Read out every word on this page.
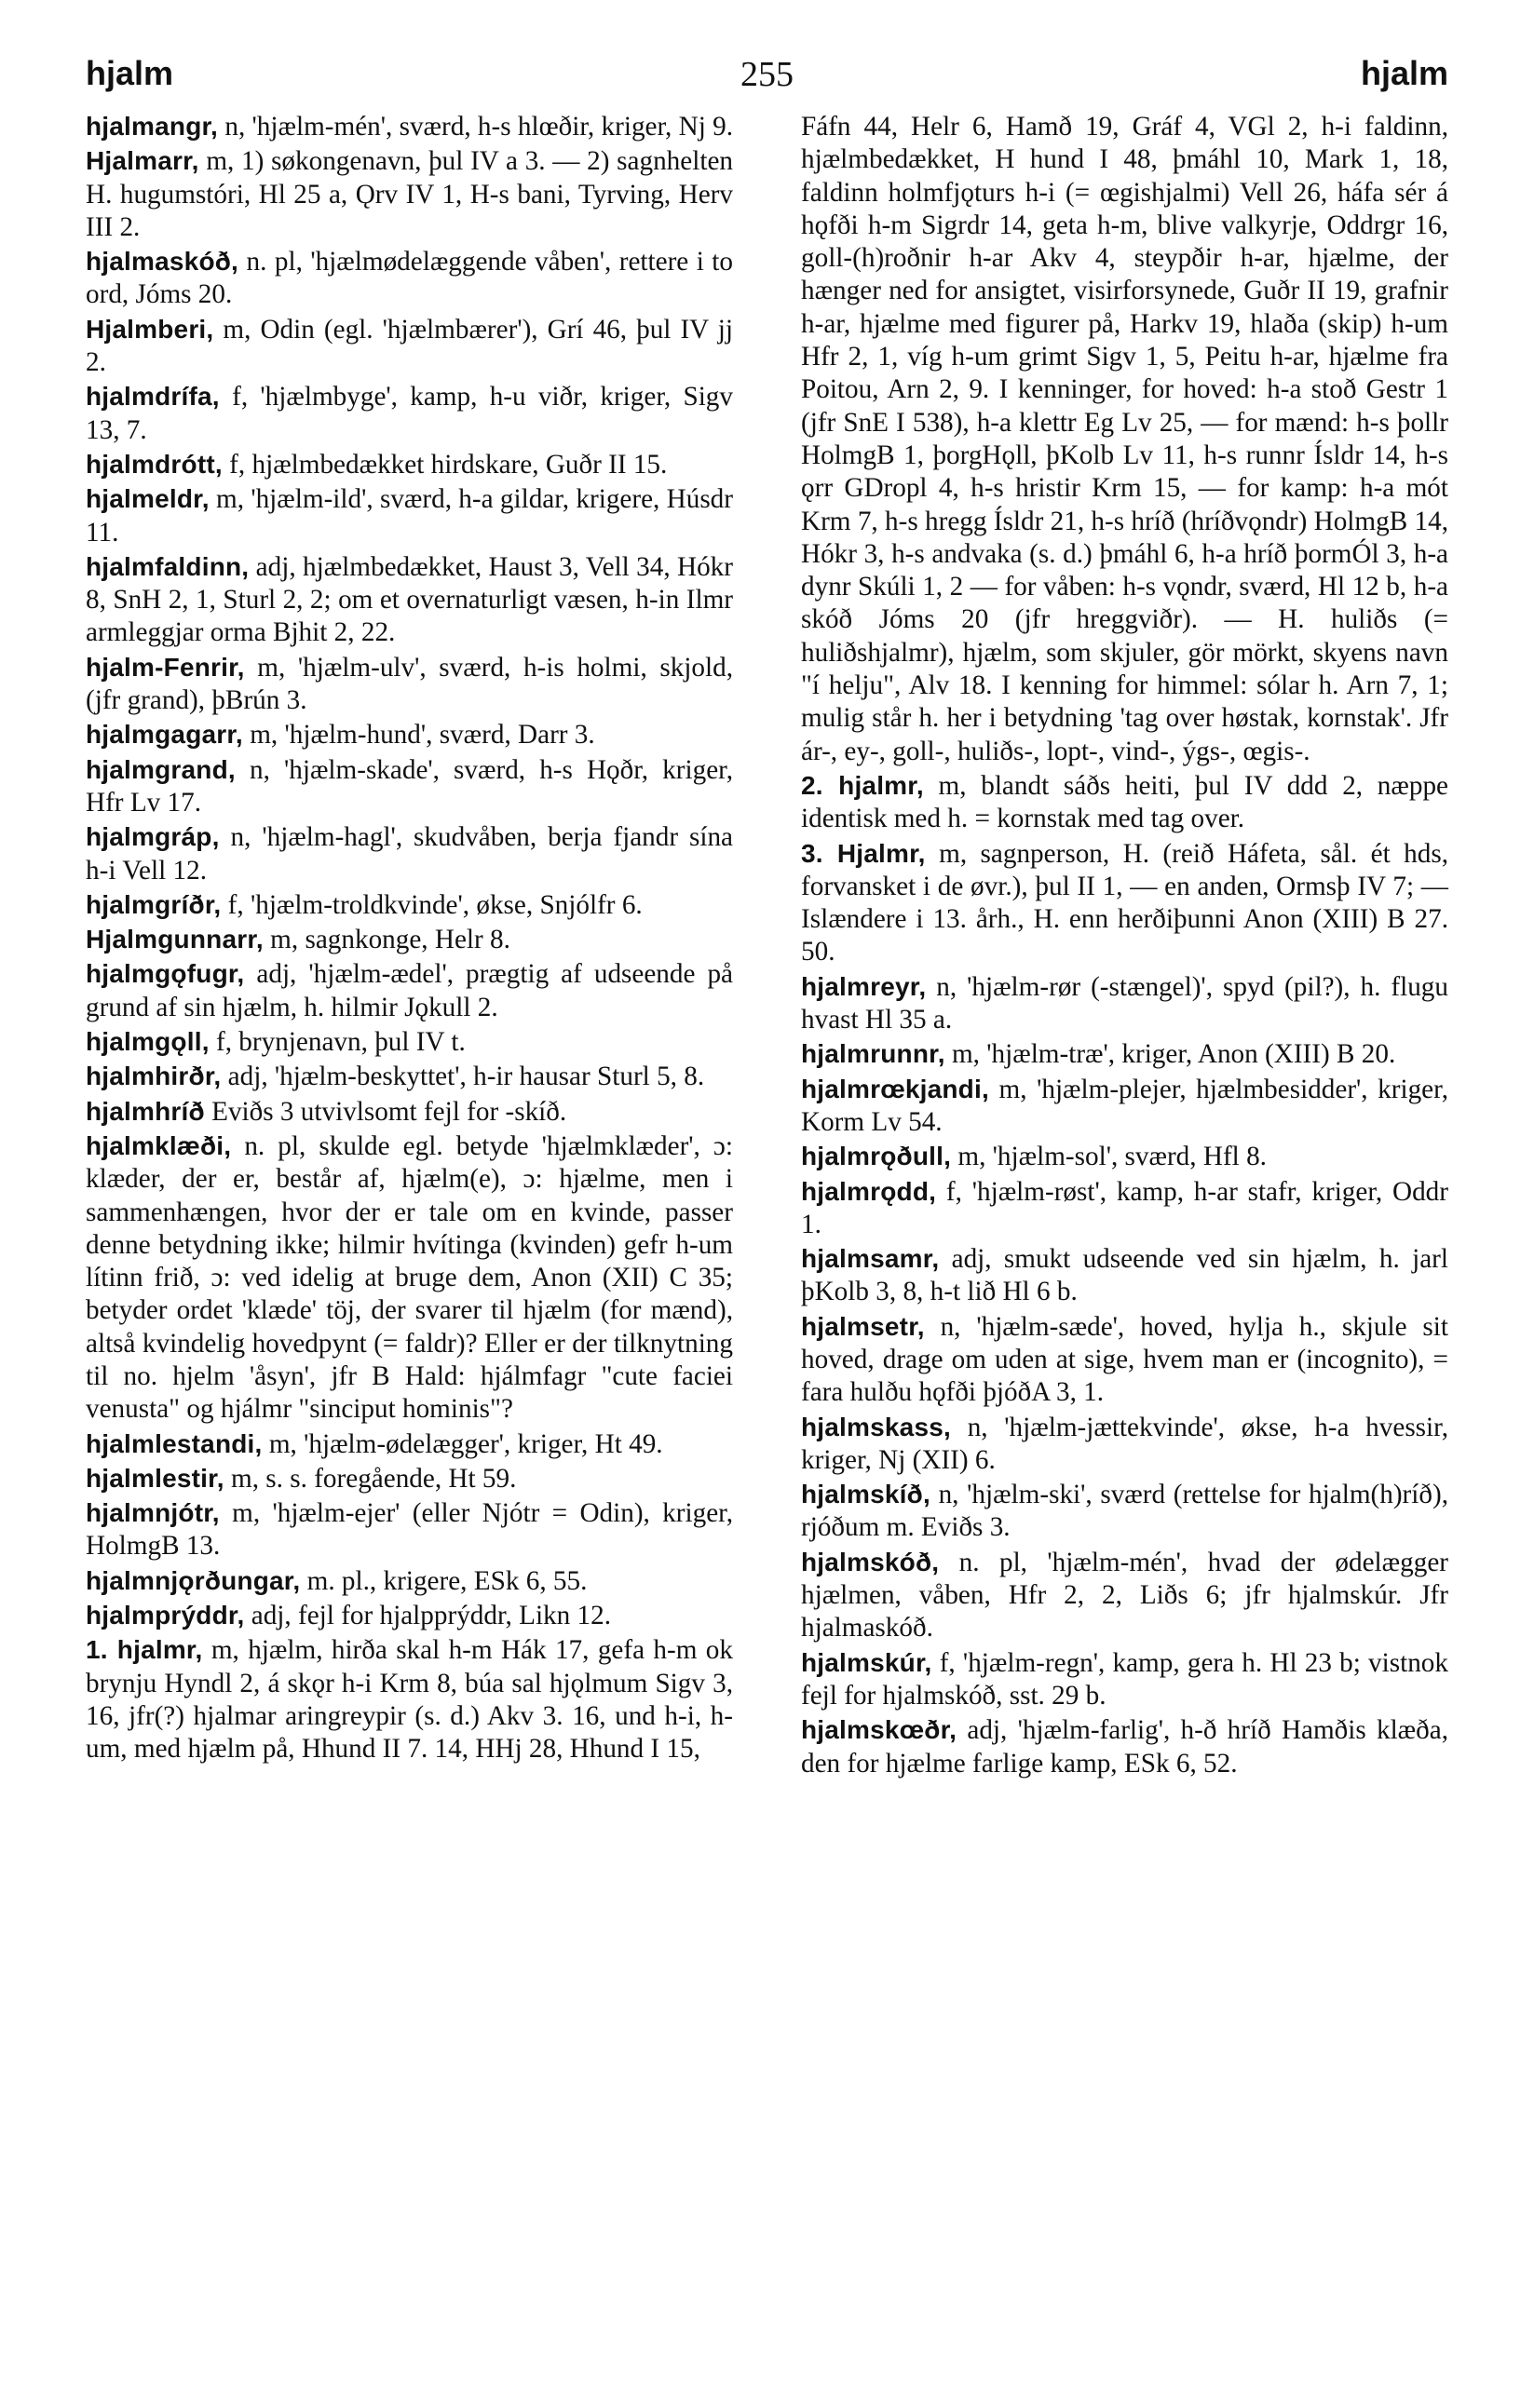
hjalm	255	hjalm
hjalmangr, n, 'hjælm-mén', sværd, h-s hlœðir, kriger, Nj 9.
Hjalmarr, m, 1) søkongenavn, þul IV a 3. — 2) sagnhelten H. hugumstóri, Hl 25 a, Ǫrv IV 1, H-s bani, Tyrving, Herv III 2.
hjalmaskóð, n. pl, 'hjælmødelæggende våben', rettere i to ord, Jóms 20.
Hjalmberi, m, Odin (egl. 'hjælmbærer'), Grí 46, þul IV jj 2.
hjalmdrífa, f, 'hjælmbyge', kamp, h-u viðr, kriger, Sigv 13, 7.
hjalmdrótt, f, hjælmbedækket hirdskare, Guðr II 15.
hjalmeldr, m, 'hjælm-ild', sværd, h-a gildar, krigere, Húsdr 11.
hjalmfaldinn, adj, hjælmbedækket, Haust 3, Vell 34, Hókr 8, SnH 2, 1, Sturl 2, 2; om et overnaturligt væsen, h-in Ilmr armleggjar orma Bjhit 2, 22.
hjalm-Fenrir, m, 'hjælm-ulv', sværd, h-is holmi, skjold, (jfr grand), þBrún 3.
hjalmgagarr, m, 'hjælm-hund', sværd, Darr 3.
hjalmgrand, n, 'hjælm-skade', sværd, h-s Hǫðr, kriger, Hfr Lv 17.
hjalmgráp, n, 'hjælm-hagl', skudvåben, berja fjandr sína h-i Vell 12.
hjalmgríðr, f, 'hjælm-troldkvinde', økse, Snjólfr 6.
Hjalmgunnarr, m, sagnkonge, Helr 8.
hjalmgǫfugr, adj, 'hjælm-ædel', prægtig af udseende på grund af sin hjælm, h. hilmir Jǫkull 2.
hjalmgǫll, f, brynjenavn, þul IV t.
hjalmhirðr, adj, 'hjælm-beskyttet', h-ir hausar Sturl 5, 8.
hjalmhríð Eviðs 3 utvivlsomt fejl for -skíð.
hjalmklæði, n. pl, skulde egl. betyde 'hjælmklæder', ɔ: klæder, der er, består af, hjælm(e), ɔ: hjælme, men i sammenhængen, hvor der er tale om en kvinde, passer denne betydning ikke; hilmir hvítinga (kvinden) gefr h-um lítinn frið, ɔ: ved idelig at bruge dem, Anon (XII) C 35; betyder ordet 'klæde' töj, der svarer til hjælm (for mænd), altså kvindelig hovedpynt (= faldr)? Eller er der tilknytning til no. hjelm 'åsyn', jfr B Hald: hjálmfagr "cute faciei venusta" og hjálmr "sinciput hominis"?
hjalmlestandi, m, 'hjælm-ødelægger', kriger, Ht 49.
hjalmlestir, m, s. s. foregående, Ht 59.
hjalmnjótr, m, 'hjælm-ejer' (eller Njótr = Odin), kriger, HolmgB 13.
hjalmnjǫrðungar, m. pl., krigere, ESk 6, 55.
hjalmprýddr, adj, fejl for hjalpprýddr, Likn 12.
1. hjalmr, m, hjælm, hirða skal h-m Hák 17, gefa h-m ok brynju Hyndl 2, á skǫr h-i Krm 8, búa sal hjǫlmum Sigv 3, 16, jfr(?) hjalmar aringreypir (s. d.) Akv 3. 16, und h-i, h-um, med hjælm på, Hhund II 7. 14, HHj 28, Hhund I 15,
Fáfn 44, Helr 6, Hamð 19, Gráf 4, VGl 2, h-i faldinn, hjælmbedækket, H hund I 48, þmáhl 10, Mark 1, 18, faldinn holmfjǫturs h-i (= œgishjalmi) Vell 26, háfa sér á hǫfði h-m Sigrdr 14, geta h-m, blive valkyrje, Oddrgr 16, goll-(h)roðnir h-ar Akv 4, steypðir h-ar, hjælme, der hænger ned for ansigtet, visirforsynede, Guðr II 19, grafnir h-ar, hjælme med figurer på, Harkv 19, hlaða (skip) h-um Hfr 2, 1, víg h-um grimt Sigv 1, 5, Peitu h-ar, hjælme fra Poitou, Arn 2, 9. I kenninger, for hoved: h-a stoð Gestr 1 (jfr SnE I 538), h-a klettr Eg Lv 25, — for mænd: h-s þollr HolmgB 1, þorgHǫll, þKolb Lv 11, h-s runnr Ísldr 14, h-s ǫrr GDropl 4, h-s hristir Krm 15, — for kamp: h-a mót Krm 7, h-s hregg Ísldr 21, h-s hríð (hríðvǫndr) HolmgB 14, Hókr 3, h-s andvaka (s. d.) þmáhl 6, h-a hríð þormÓl 3, h-a dynr Skúli 1, 2 — for våben: h-s vǫndr, sværd, Hl 12 b, h-a skóð Jóms 20 (jfr hreggviðr). — H. huliðs (= huliðshjalmr), hjælm, som skjuler, gör mörkt, skyens navn "í helju", Alv 18. I kenning for himmel: sólar h. Arn 7, 1; mulig står h. her i betydning 'tag over høstak, kornstak'. Jfr ár-, ey-, goll-, huliðs-, lopt-, vind-, ýgs-, œgis-.
2. hjalmr, m, blandt sáðs heiti, þul IV ddd 2, næppe identisk med h. = kornstak med tag over.
3. Hjalmr, m, sagnperson, H. (reið Háfeta, sål. ét hds, forvansket i de øvr.), þul II 1, — en anden, Ormsþ IV 7; — Islændere i 13. årh., H. enn herðiþunni Anon (XIII) B 27. 50.
hjalmreyr, n, 'hjælm-rør (-stængel)', spyd (pil?), h. flugu hvast Hl 35 a.
hjalmrunnr, m, 'hjælm-træ', kriger, Anon (XIII) B 20.
hjalmrœkjandi, m, 'hjælm-plejer, hjælmbesidder', kriger, Korm Lv 54.
hjalmrǫðull, m, 'hjælm-sol', sværd, Hfl 8.
hjalmrǫdd, f, 'hjælm-røst', kamp, h-ar stafr, kriger, Oddr 1.
hjalmsamr, adj, smukt udseende ved sin hjælm, h. jarl þKolb 3, 8, h-t lið Hl 6 b.
hjalmsetr, n, 'hjælm-sæde', hoved, hylja h., skjule sit hoved, drage om uden at sige, hvem man er (incognito), = fara hulðu hǫfði þjóðA 3, 1.
hjalmskass, n, 'hjælm-jættekvinde', økse, h-a hvessir, kriger, Nj (XII) 6.
hjalmskíð, n, 'hjælm-ski', sværd (rettelse for hjalm(h)ríð), rjóðum m. Eviðs 3.
hjalmskóð, n. pl, 'hjælm-mén', hvad der ødelægger hjælmen, våben, Hfr 2, 2, Liðs 6; jfr hjalmskúr. Jfr hjalmaskóð.
hjalmskúr, f, 'hjælm-regn', kamp, gera h. Hl 23 b; vistnok fejl for hjalmskóð, sst. 29 b.
hjalmskœðr, adj, 'hjælm-farlig', h-ð hríð Hamðis klæða, den for hjælme farlige kamp, ESk 6, 52.
